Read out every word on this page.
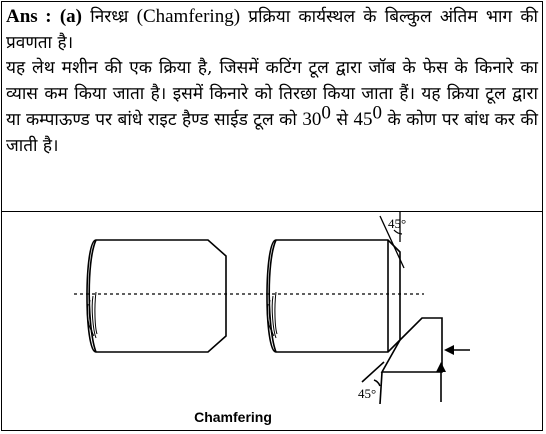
Ans : (a) निरध्ध्र (Chamfering) प्रक्रिया कार्यस्थल के बिल्कुल अंतिम भाग की प्रवणता है।

यह लेथ मशीन की एक क्रिया है, जिसमें कटिंग टूल द्वारा जॉब के फेस के किनारे का व्यास कम किया जाता है। इसमें किनारे को तिरछा किया जाता हैं। यह क्रिया टूल द्वारा या कम्पाऊण्ड पर बांधे राइट हैण्ड साईड टूल को $30^0$ से $45^0$ के कोण पर बांध कर की जाती है।

45°
45°
Chamfering
